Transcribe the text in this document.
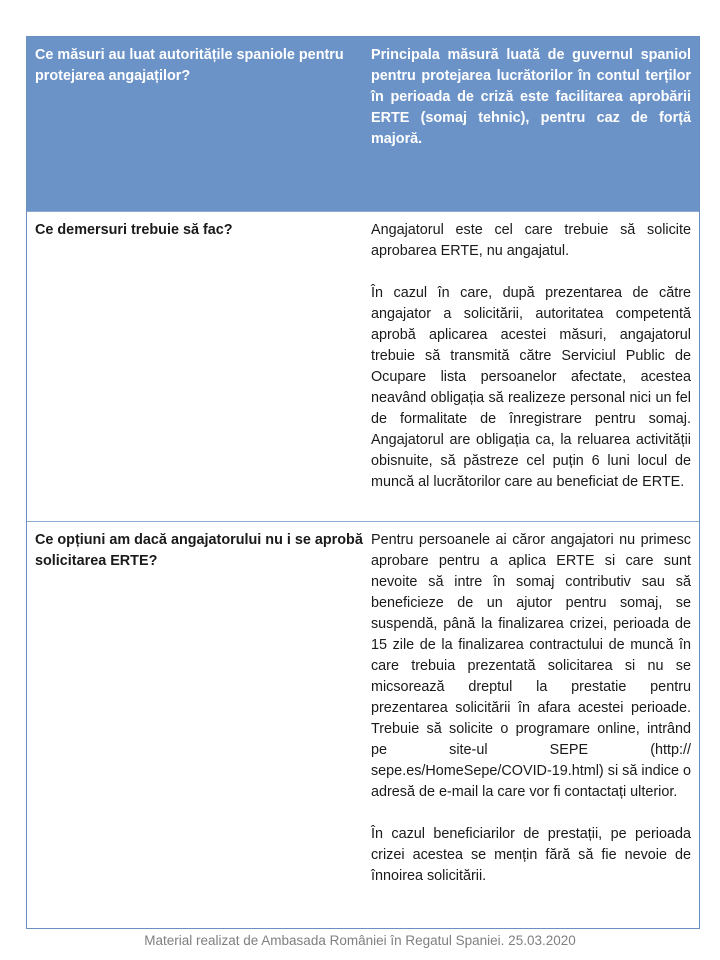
Ce măsuri au luat autoritățile spaniole pentru protejarea angajaților?

Principala măsură luată de guvernul spaniol pentru protejarea lucrătorilor în contul terților în perioada de criză este facilitarea aprobării ERTE (somaj tehnic), pentru caz de forță majoră.

Ce demersuri trebuie să fac?	Angajatorul este cel care trebuie să solicite aprobarea ERTE, nu angajatul.

În cazul în care, după prezentarea de către angajator a solicitării, autoritatea competentă aprobă aplicarea acestei măsuri, angajatorul trebuie să transmită către Serviciul Public de Ocupare lista persoanelor afectate, acestea neavând obligația să realizeze personal nici un fel de formalitate de înregistrare pentru somaj. Angajatorul are obligația ca, la reluarea activității obisnuite, să păstreze cel puțin 6 luni locul de muncă al lucrătorilor care au beneficiat de ERTE.

Ce opțiuni am dacă angajatorului nu i se aprobă solicitarea ERTE?

Pentru persoanele ai căror angajatori nu primesc aprobare pentru a aplica ERTE si care sunt nevoite să intre în somaj contributiv sau să beneficieze de un ajutor pentru somaj, se suspendă, până la finalizarea crizei, perioada de 15 zile de la finalizarea contractului de muncă în care trebuia prezentată solicitarea si nu se micsorează dreptul la prestatie pentru prezentarea solicitării în afara acestei perioade. Trebuie să solicite o programare online, intrând pe site-ul SEPE (http:// sepe.es/HomeSepe/COVID-19.html) si să indice o adresă de e-mail la care vor fi contactați ulterior.

În cazul beneficiarilor de prestații, pe perioada crizei acestea se mențin fără să fie nevoie de înnoirea solicitării.

Material realizat de Ambasada României în Regatul Spaniei. 25.03.2020
